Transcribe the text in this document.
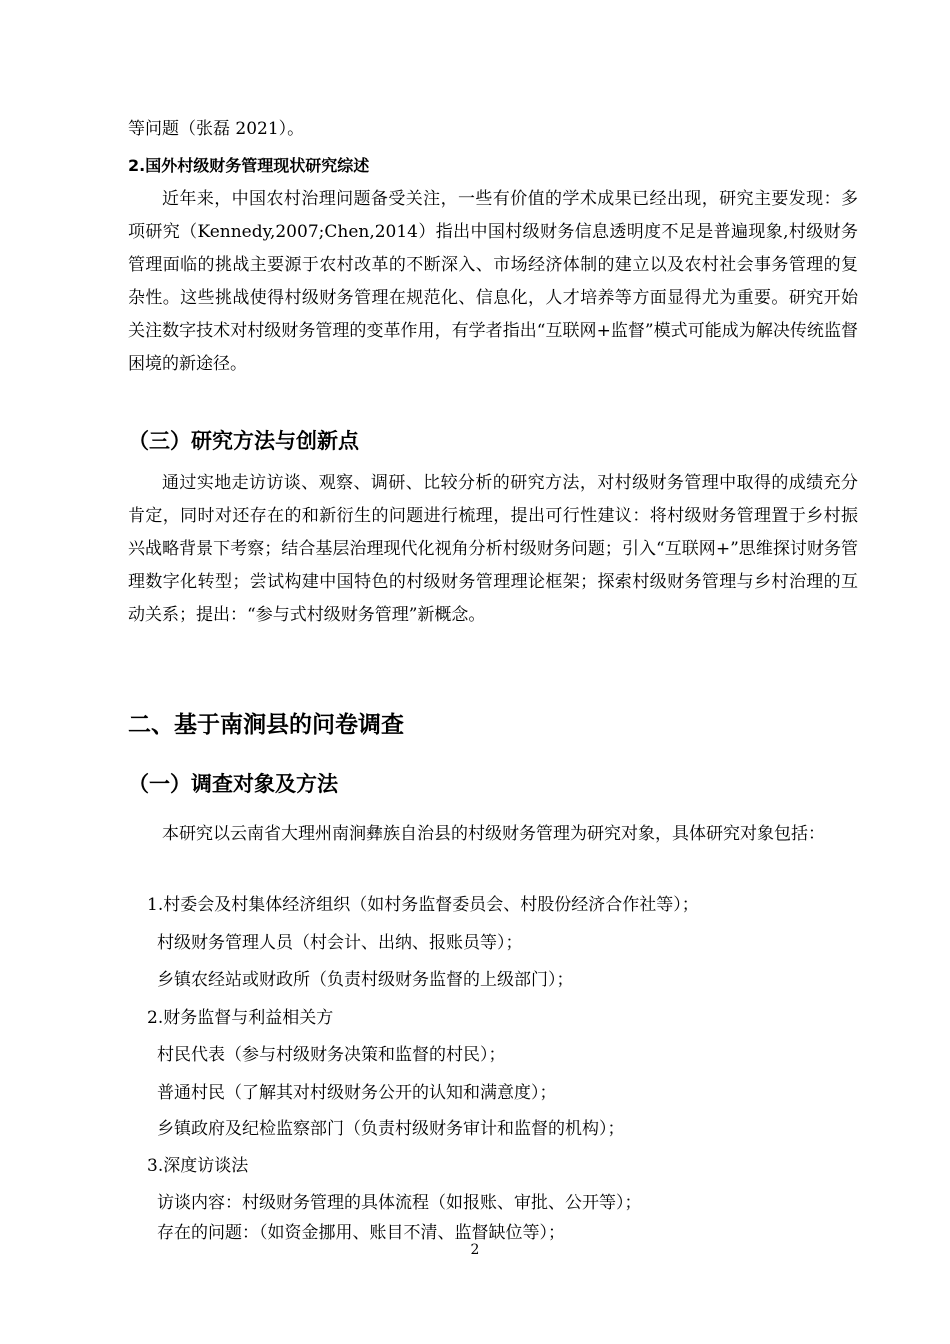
等问题（张磊 2021）。

2.国外村级财务管理现状研究综述

近年来，中国农村治理问题备受关注，一些有价值的学术成果已经出现，研究主要发现：多项研究（Kennedy,2007;Chen,2014）指出中国村级财务信息透明度不足是普遍现象,村级财务管理面临的挑战主要源于农村改革的不断深入、市场经济体制的建立以及农村社会事务管理的复杂性。这些挑战使得村级财务管理在规范化、信息化，人才培养等方面显得尤为重要。研究开始关注数字技术对村级财务管理的变革作用，有学者指出“互联网+监督”模式可能成为解决传统监督困境的新途径。

（三）研究方法与创新点

通过实地走访访谈、观察、调研、比较分析的研究方法，对村级财务管理中取得的成绩充分肯定，同时对还存在的和新衍生的问题进行梳理，提出可行性建议：将村级财务管理置于乡村振兴战略背景下考察；结合基层治理现代化视角分析村级财务问题；引入“互联网+”思维探讨财务管理数字化转型；尝试构建中国特色的村级财务管理理论框架；探索村级财务管理与乡村治理的互动关系；提出：“参与式村级财务管理”新概念。

二、基于南涧县的问卷调查

（一）调查对象及方法

本研究以云南省大理州南涧彝族自治县的村级财务管理为研究对象，具体研究对象包括：

1.村委会及村集体经济组织（如村务监督委员会、村股份经济合作社等）；

村级财务管理人员（村会计、出纳、报账员等）；

乡镇农经站或财政所（负责村级财务监督的上级部门）；

2.财务监督与利益相关方

村民代表（参与村级财务决策和监督的村民）；

普通村民（了解其对村级财务公开的认知和满意度）；

乡镇政府及纪检监察部门（负责村级财务审计和监督的机构）；

3.深度访谈法

访谈内容：村级财务管理的具体流程（如报账、审批、公开等）；

存在的问题：（如资金挪用、账目不清、监督缺位等）；

2
